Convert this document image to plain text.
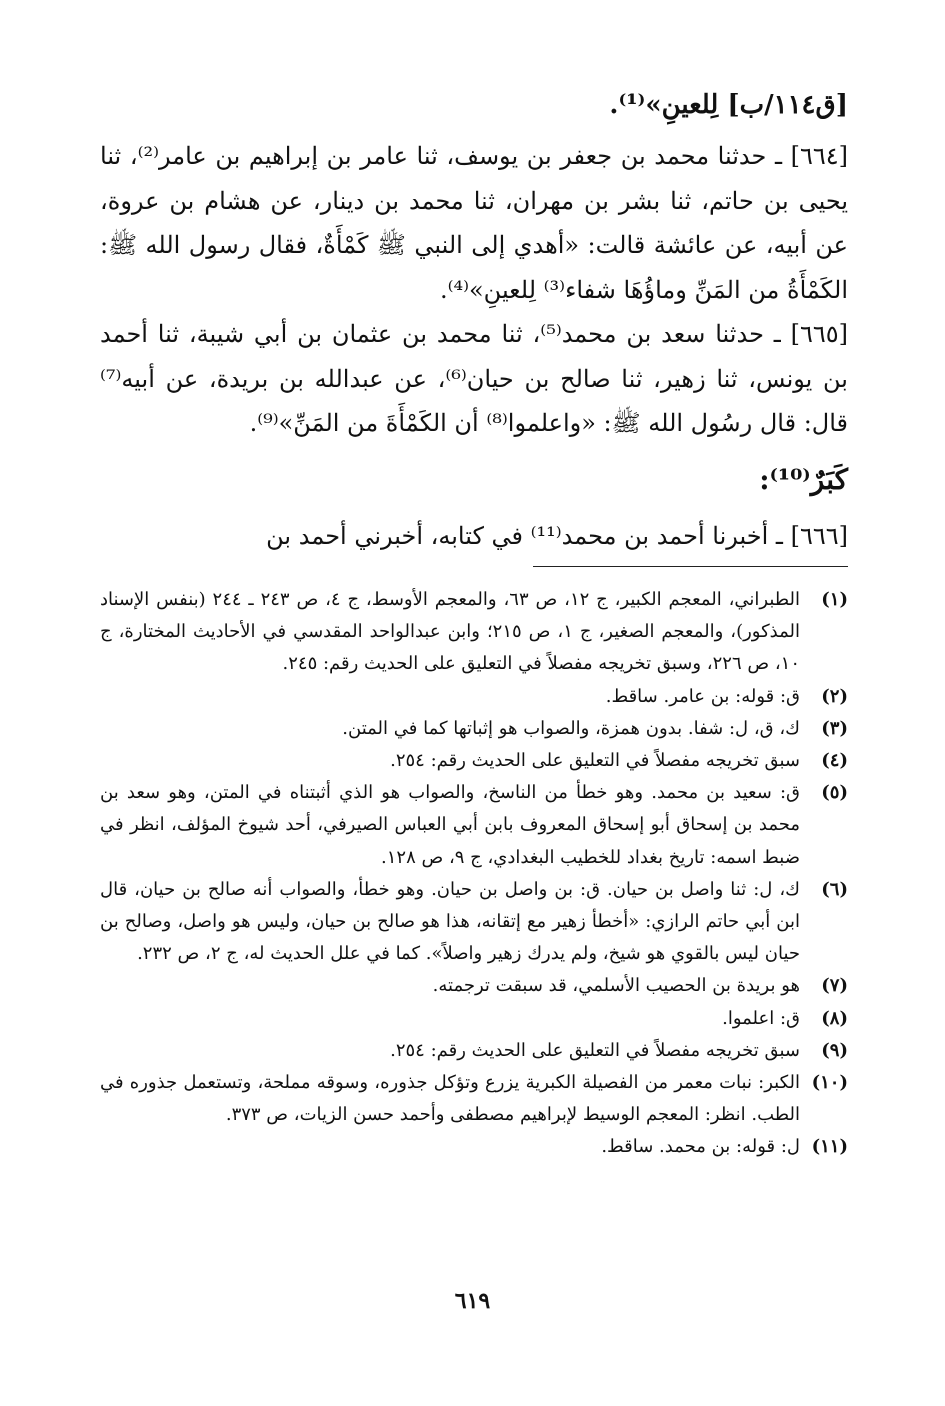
[ق١١٤/ب] لِلعينِ»⁽¹⁾.

[٦٦٤] ـ حدثنا محمد بن جعفر بن يوسف، ثنا عامر بن إبراهيم بن عامر⁽²⁾، ثنا يحيى بن حاتم، ثنا بشر بن مهران، ثنا محمد بن دينار، عن هشام بن عروة، عن أبيه، عن عائشة قالت: «أهدي إلى النبي ﷺ كَمْأَةٌ، فقال رسول الله ﷺ: الكَمْأَةُ من المَنِّ وماؤُهَا شفاء⁽³⁾ لِلعينِ»⁽⁴⁾.

[٦٦٥] ـ حدثنا سعد بن محمد⁽⁵⁾، ثنا محمد بن عثمان بن أبي شيبة، ثنا أحمد بن يونس، ثنا زهير، ثنا صالح بن حيان⁽⁶⁾، عن عبدالله بن بريدة، عن أبيه⁽⁷⁾ قال: قال رسُول الله ﷺ: «واعلموا⁽⁸⁾ أن الكَمْأَةَ من المَنِّ»⁽⁹⁾.

كَبَرٌ⁽¹⁰⁾:

[٦٦٦] ـ أخبرنا أحمد بن محمد⁽¹¹⁾ في كتابه، أخبرني أحمد بن

(١)
الطبراني، المعجم الكبير، ج ١٢، ص ٦٣، والمعجم الأوسط، ج ٤، ص ٢٤٣ ـ ٢٤٤ (بنفس الإسناد المذكور)، والمعجم الصغير، ج ١، ص ٢١٥؛ وابن عبدالواحد المقدسي في الأحاديث المختارة، ج ١٠، ص ٢٢٦، وسبق تخريجه مفصلاً في التعليق على الحديث رقم: ٢٤٥.
(٢)
ق: قوله: بن عامر. ساقط.
(٣)
ك، ق، ل: شفا. بدون همزة، والصواب هو إثباتها كما في المتن.
(٤)
سبق تخريجه مفصلاً في التعليق على الحديث رقم: ٢٥٤.
(٥)
ق: سعيد بن محمد. وهو خطأ من الناسخ، والصواب هو الذي أثبتناه في المتن، وهو سعد بن محمد بن إسحاق أبو إسحاق المعروف بابن أبي العباس الصيرفي، أحد شيوخ المؤلف، انظر في ضبط اسمه: تاريخ بغداد للخطيب البغدادي، ج ٩، ص ١٢٨.
(٦)
ك، ل: ثنا واصل بن حيان. ق: بن واصل بن حيان. وهو خطأ، والصواب أنه صالح بن حيان، قال ابن أبي حاتم الرازي: «أخطأ زهير مع إتقانه، هذا هو صالح بن حيان، وليس هو واصل، وصالح بن حيان ليس بالقوي هو شيخ، ولم يدرك زهير واصلاً». كما في علل الحديث له، ج ٢، ص ٢٣٢.
(٧)
هو بريدة بن الحصيب الأسلمي، قد سبقت ترجمته.
(٨)
ق: اعلموا.
(٩)
سبق تخريجه مفصلاً في التعليق على الحديث رقم: ٢٥٤.
(١٠)
الكبر: نبات معمر من الفصيلة الكبرية يزرع وتؤكل جذوره، وسوقه مملحة، وتستعمل جذوره في الطب. انظر: المعجم الوسيط لإبراهيم مصطفى وأحمد حسن الزيات، ص ٣٧٣.
(١١)
ل: قوله: بن محمد. ساقط.
٦١٩
